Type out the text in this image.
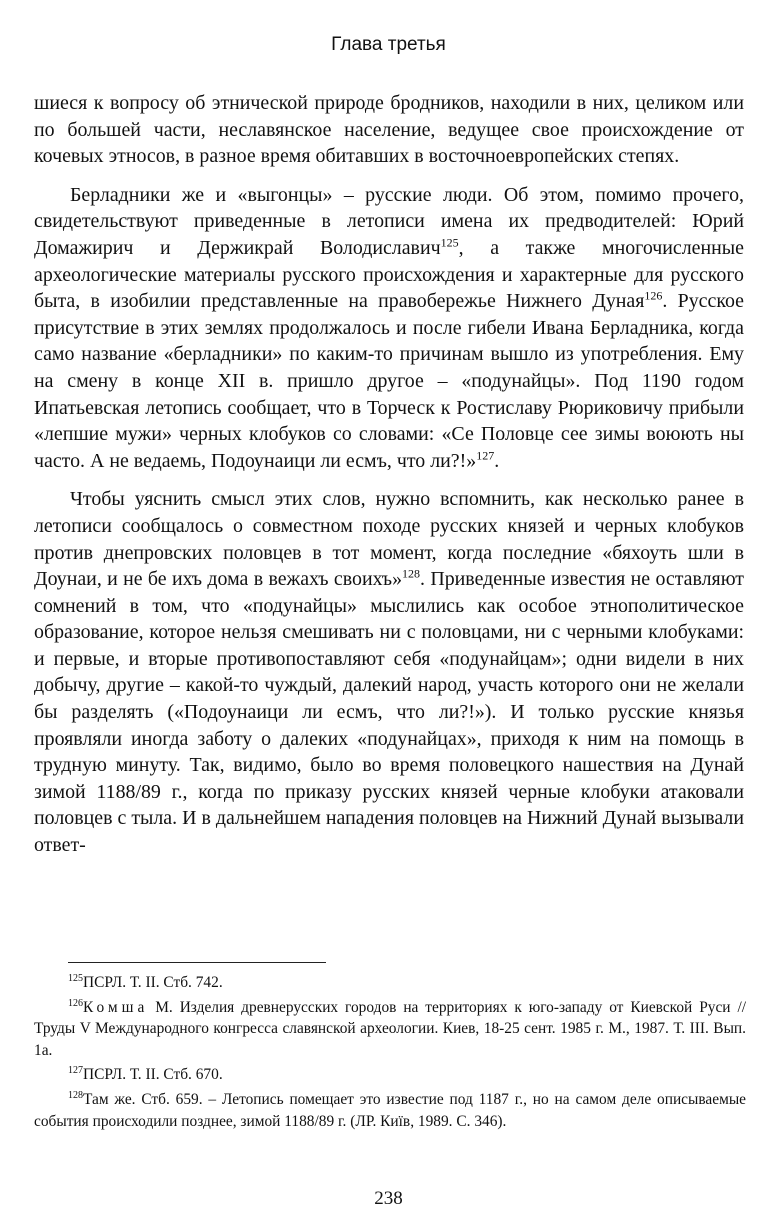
Глава третья

шиеся к вопросу об этнической природе бродников, находили в них, целиком или по большей части, неславянское население, ведущее свое происхождение от кочевых этносов, в разное время обитавших в восточноевропейских степях.

Берладники же и «выгонцы» – русские люди. Об этом, помимо прочего, свидетельствуют приведенные в летописи имена их предводителей: Юрий Домажирич и Держикрай Володиславич$^{125}$, а также многочисленные археологические материалы русского происхождения и характерные для русского быта, в изобилии представленные на правобережье Нижнего Дуная$^{126}$. Русское присутствие в этих землях продолжалось и после гибели Ивана Берладника, когда само название «берладники» по каким-то причинам вышло из употребления. Ему на смену в конце XII в. пришло другое – «подунайцы». Под 1190 годом Ипатьевская летопись сообщает, что в Торческ к Ростиславу Рюриковичу прибыли «лепшие мужи» черных клобуков со словами: «Се Половце сее зимы воюють ны часто. А не ведаемь, Подоунаици ли есмъ, что ли?!»$^{127}$.

Чтобы уяснить смысл этих слов, нужно вспомнить, как несколько ранее в летописи сообщалось о совместном походе русских князей и черных клобуков против днепровских половцев в тот момент, когда последние «бяхоуть шли в Доунаи, и не бе ихъ дома в вежахъ своихъ»$^{128}$. Приведенные известия не оставляют сомнений в том, что «подунайцы» мыслились как особое этнополитическое образование, которое нельзя смешивать ни с половцами, ни с черными клобуками: и первые, и вторые противопоставляют себя «подунайцам»; одни видели в них добычу, другие – какой-то чуждый, далекий народ, участь которого они не желали бы разделять («Подоунаици ли есмъ, что ли?!»). И только русские князья проявляли иногда заботу о далеких «подунайцах», приходя к ним на помощь в трудную минуту. Так, видимо, было во время половецкого нашествия на Дунай зимой 1188/89 г., когда по приказу русских князей черные клобуки атаковали половцев с тыла. И в дальнейшем нападения половцев на Нижний Дунай вызывали ответ-

$^{125}$ПСРЛ. Т. II. Стб. 742.

$^{126}$Комша М. Изделия древнерусских городов на территориях к юго-западу от Киевской Руси // Труды V Международного конгресса славянской археологии. Киев, 18-25 сент. 1985 г. М., 1987. Т. III. Вып. 1а.

$^{127}$ПСРЛ. Т. II. Стб. 670.

$^{128}$Там же. Стб. 659. – Летопись помещает это известие под 1187 г., но на самом деле описываемые события происходили позднее, зимой 1188/89 г. (ЛР. Київ, 1989. С. 346).

238
